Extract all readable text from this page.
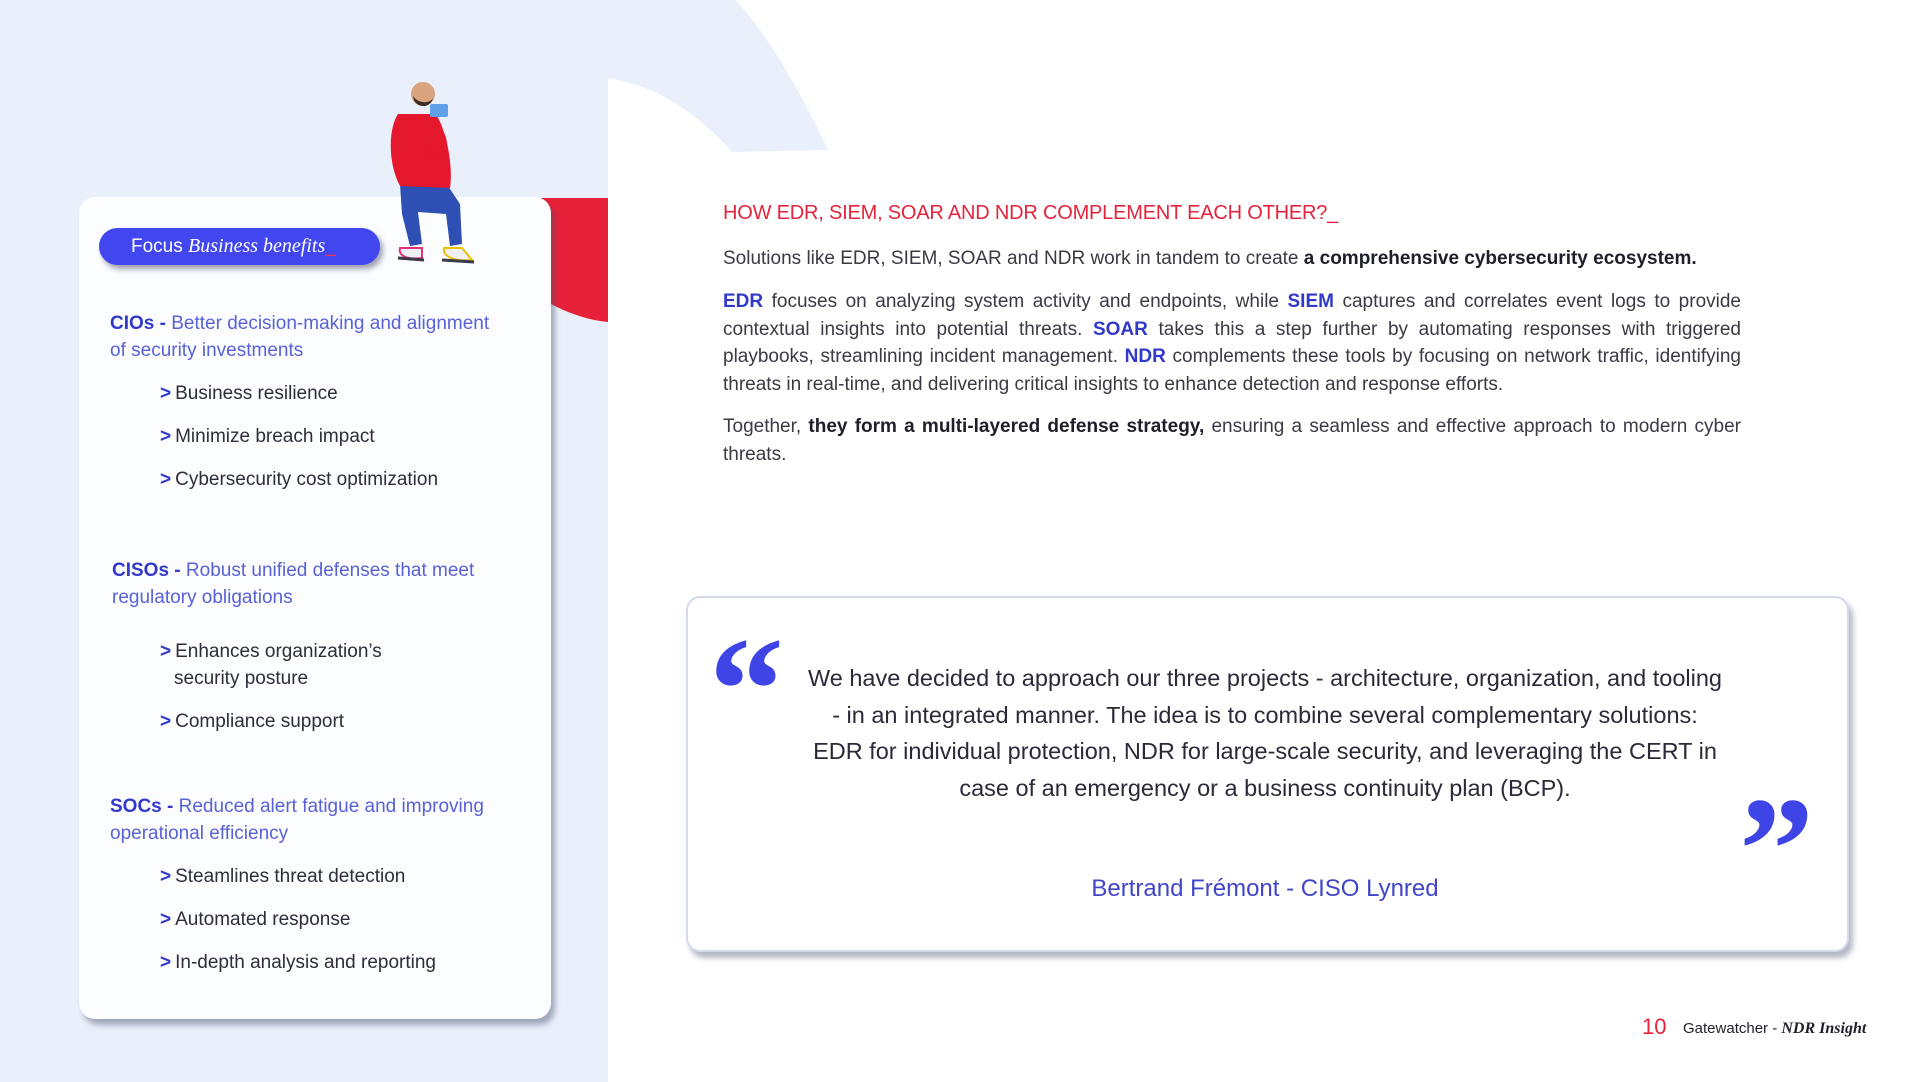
Focus Business benefits_
CIOs - Better decision-making and alignment
of security investments
> Business resilience
> Minimize breach impact
> Cybersecurity cost optimization
CISOs - Robust unified defenses that meet
regulatory obligations
> Enhances organization’s
security posture
> Compliance support
SOCs - Reduced alert fatigue and improving
operational efficiency
> Steamlines threat detection
> Automated response
> In-depth analysis and reporting
HOW EDR, SIEM, SOAR AND NDR COMPLEMENT EACH OTHER?_

Solutions like EDR, SIEM, SOAR and NDR work in tandem to create a comprehensive cybersecurity ecosystem.

EDR focuses on analyzing system activity and endpoints, while SIEM captures and correlates event logs to provide contextual insights into potential threats. SOAR takes this a step further by automating responses with triggered playbooks, streamlining incident management. NDR complements these tools by focusing on network traffic, identifying threats in real-time, and delivering critical insights to enhance detection and response efforts.

Together, they form a multi-layered defense strategy, ensuring a seamless and effective approach to modern cyber threats.

“
”
We have decided to approach our three projects - architecture, organization, and tooling - in an integrated manner. The idea is to combine several complementary solutions: EDR for individual protection, NDR for large-scale security, and leveraging the CERT in case of an emergency or a business continuity plan (BCP).
Bertrand Frémont - CISO Lynred
10 Gatewatcher - NDR Insight
